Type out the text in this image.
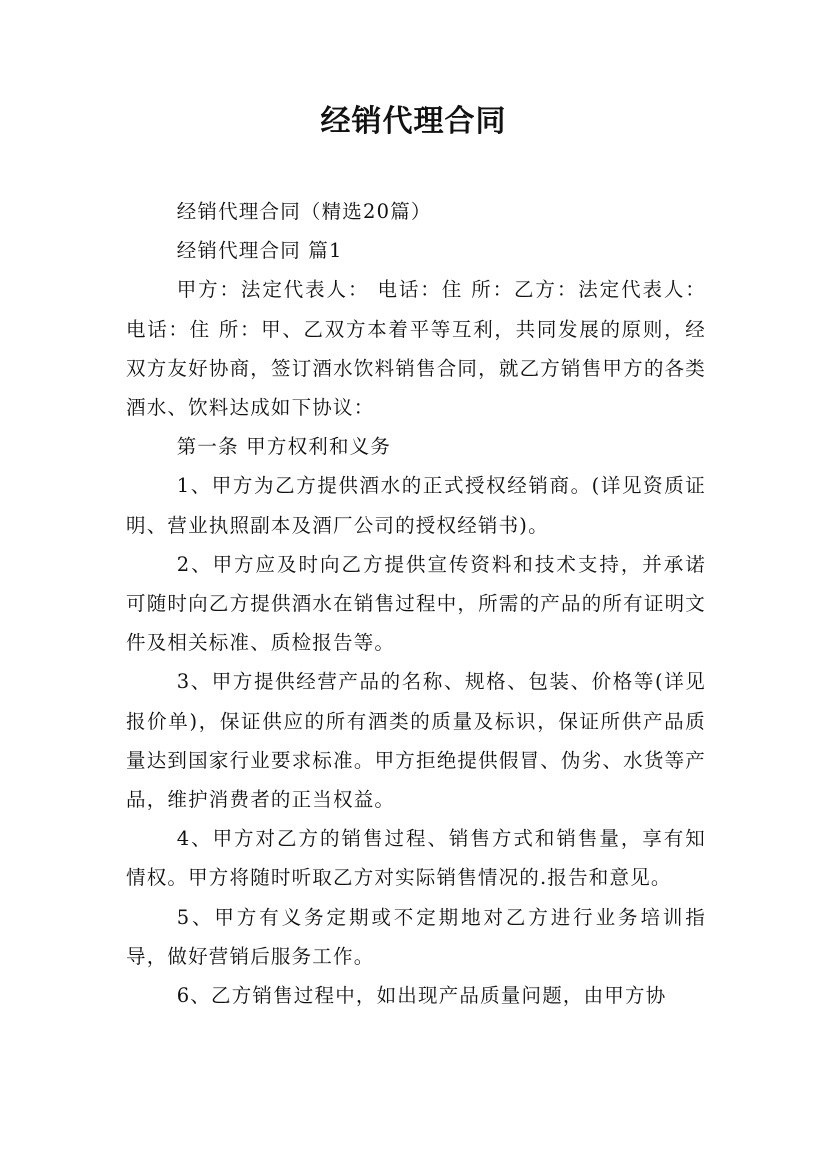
经销代理合同

经销代理合同（精选20篇）

经销代理合同 篇1

甲方：法定代表人： 电话：住 所：乙方：法定代表人：电话：住 所：甲、乙双方本着平等互利，共同发展的原则，经双方友好协商，签订酒水饮料销售合同，就乙方销售甲方的各类酒水、饮料达成如下协议：

第一条 甲方权利和义务

1、甲方为乙方提供酒水的正式授权经销商。(详见资质证明、营业执照副本及酒厂公司的授权经销书)。

2、甲方应及时向乙方提供宣传资料和技术支持，并承诺可随时向乙方提供酒水在销售过程中，所需的产品的所有证明文件及相关标准、质检报告等。

3、甲方提供经营产品的名称、规格、包装、价格等(详见报价单)，保证供应的所有酒类的质量及标识，保证所供产品质量达到国家行业要求标准。甲方拒绝提供假冒、伪劣、水货等产品，维护消费者的正当权益。

4、甲方对乙方的销售过程、销售方式和销售量，享有知情权。甲方将随时听取乙方对实际销售情况的.报告和意见。

5、甲方有义务定期或不定期地对乙方进行业务培训指导，做好营销后服务工作。

6、乙方销售过程中，如出现产品质量问题，由甲方协
